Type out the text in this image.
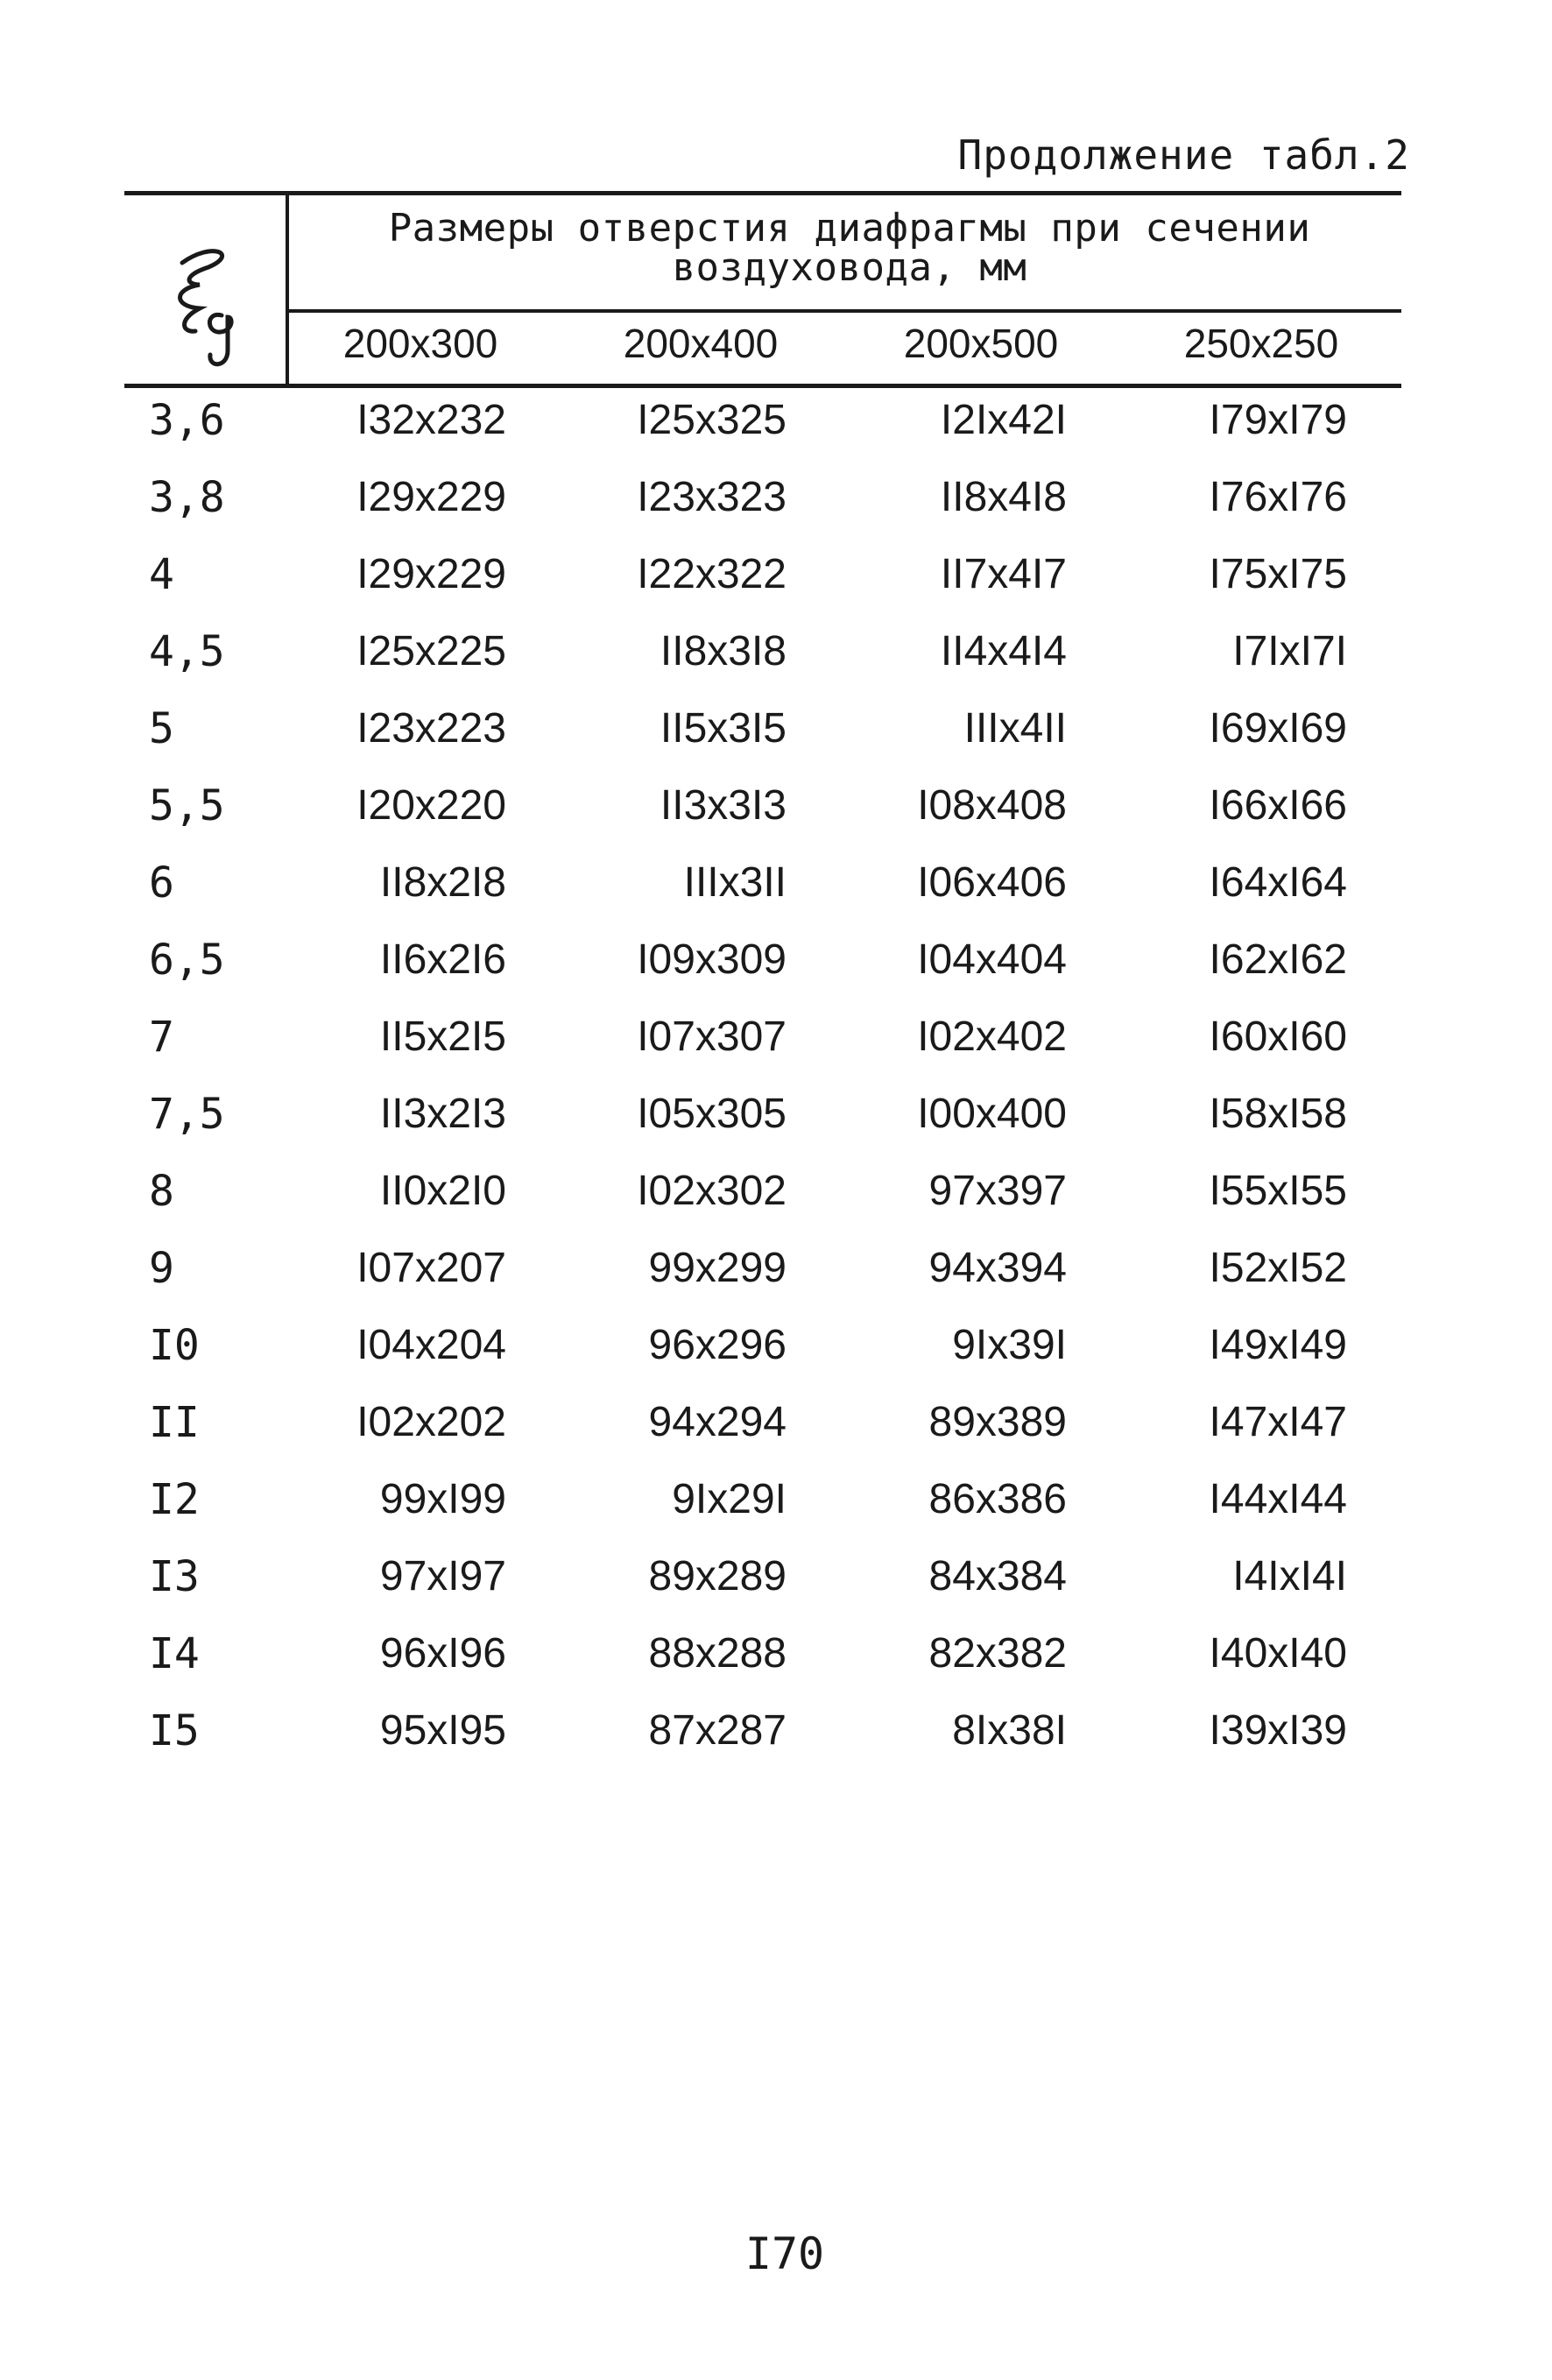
Продолжение табл.2
Размеры отверстия диафрагмы при сечении
воздуховода, мм
200x300	200x400	200x500	250x250
3,6	I32x232	I25x325	I2Ix42I	I79xI79
3,8	I29x229	I23x323	II8x4I8	I76xI76
4	I29x229	I22x322	II7x4I7	I75xI75
4,5	I25x225	II8x3I8	II4x4I4	I7IxI7I
5	I23x223	II5x3I5	IIIx4II	I69xI69
5,5	I20x220	II3x3I3	I08x408	I66xI66
6	II8x2I8	IIIx3II	I06x406	I64xI64
6,5	II6x2I6	I09x309	I04x404	I62xI62
7	II5x2I5	I07x307	I02x402	I60xI60
7,5	II3x2I3	I05x305	I00x400	I58xI58
8	II0x2I0	I02x302	97x397	I55xI55
9	I07x207	99x299	94x394	I52xI52
I0	I04x204	96x296	9Ix39I	I49xI49
II	I02x202	94x294	89x389	I47xI47
I2	99xI99	9Ix29I	86x386	I44xI44
I3	97xI97	89x289	84x384	I4IxI4I
I4	96xI96	88x288	82x382	I40xI40
I5	95xI95	87x287	8Ix38I	I39xI39
I70
